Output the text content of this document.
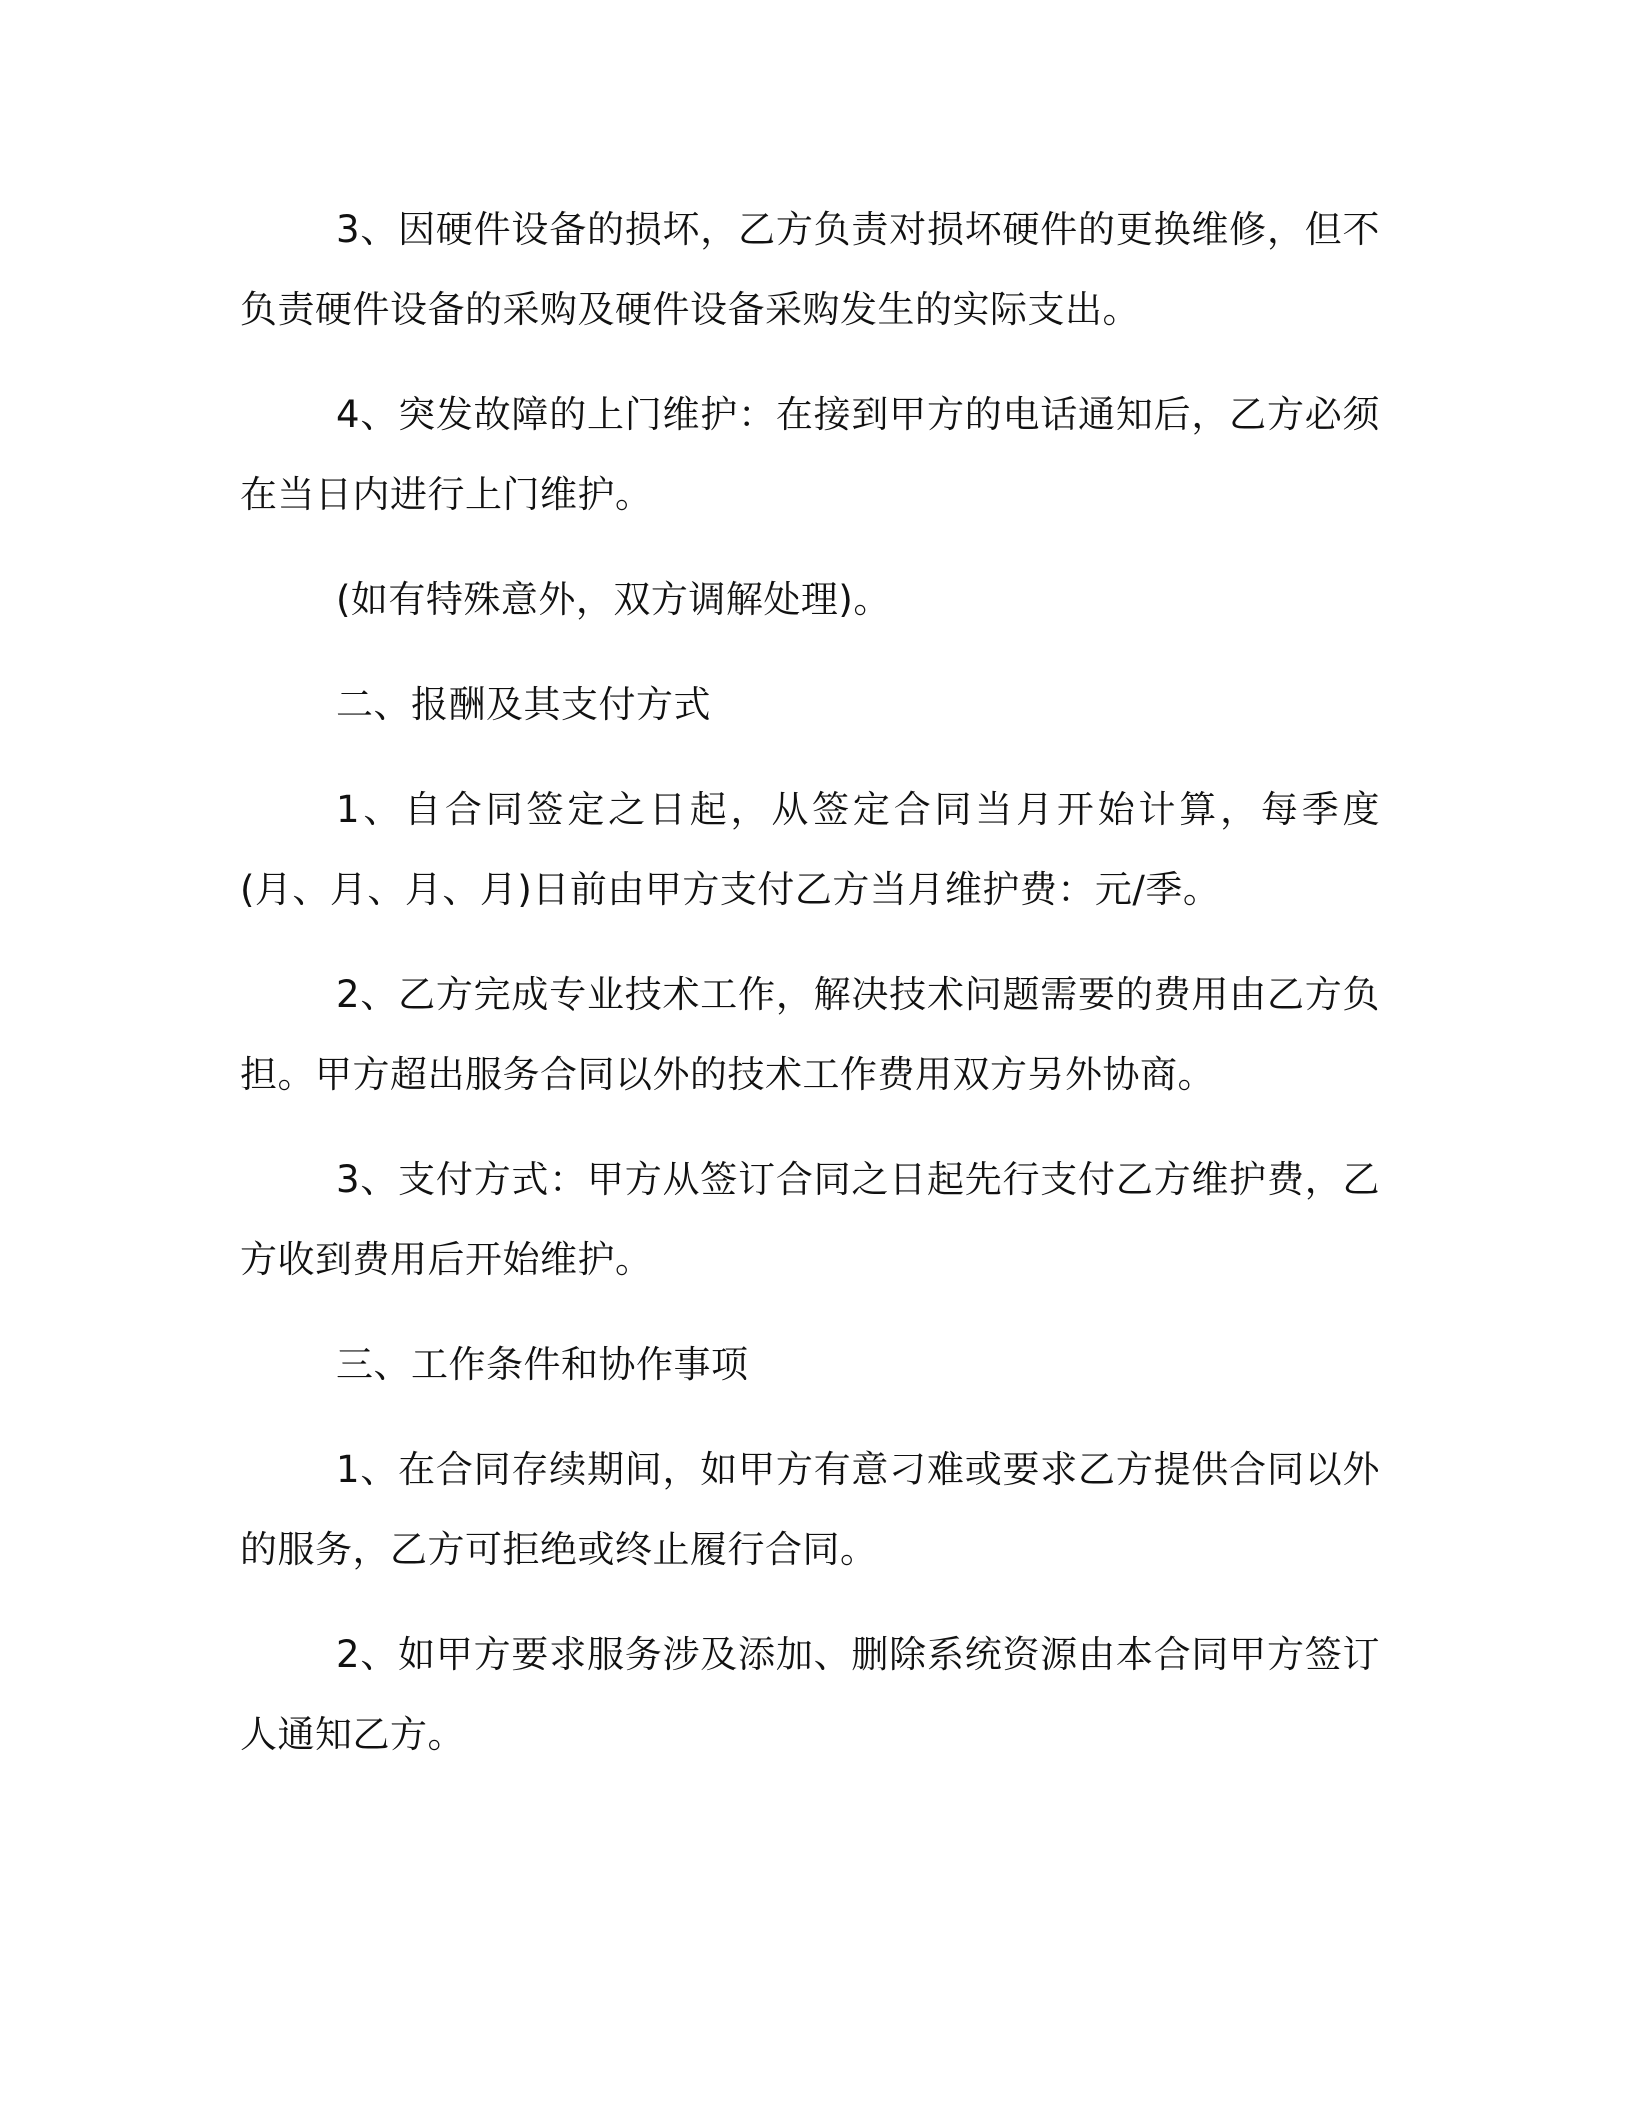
3、因硬件设备的损坏，乙方负责对损坏硬件的更换维修，但不负责硬件设备的采购及硬件设备采购发生的实际支出。

4、突发故障的上门维护：在接到甲方的电话通知后，乙方必须在当日内进行上门维护。

(如有特殊意外，双方调解处理)。

二、报酬及其支付方式

1、自合同签定之日起，从签定合同当月开始计算，每季度(月、月、月、月)日前由甲方支付乙方当月维护费：元/季。

2、乙方完成专业技术工作，解决技术问题需要的费用由乙方负担。甲方超出服务合同以外的技术工作费用双方另外协商。

3、支付方式：甲方从签订合同之日起先行支付乙方维护费，乙方收到费用后开始维护。

三、工作条件和协作事项

1、在合同存续期间，如甲方有意刁难或要求乙方提供合同以外的服务，乙方可拒绝或终止履行合同。

2、如甲方要求服务涉及添加、删除系统资源由本合同甲方签订人通知乙方。
